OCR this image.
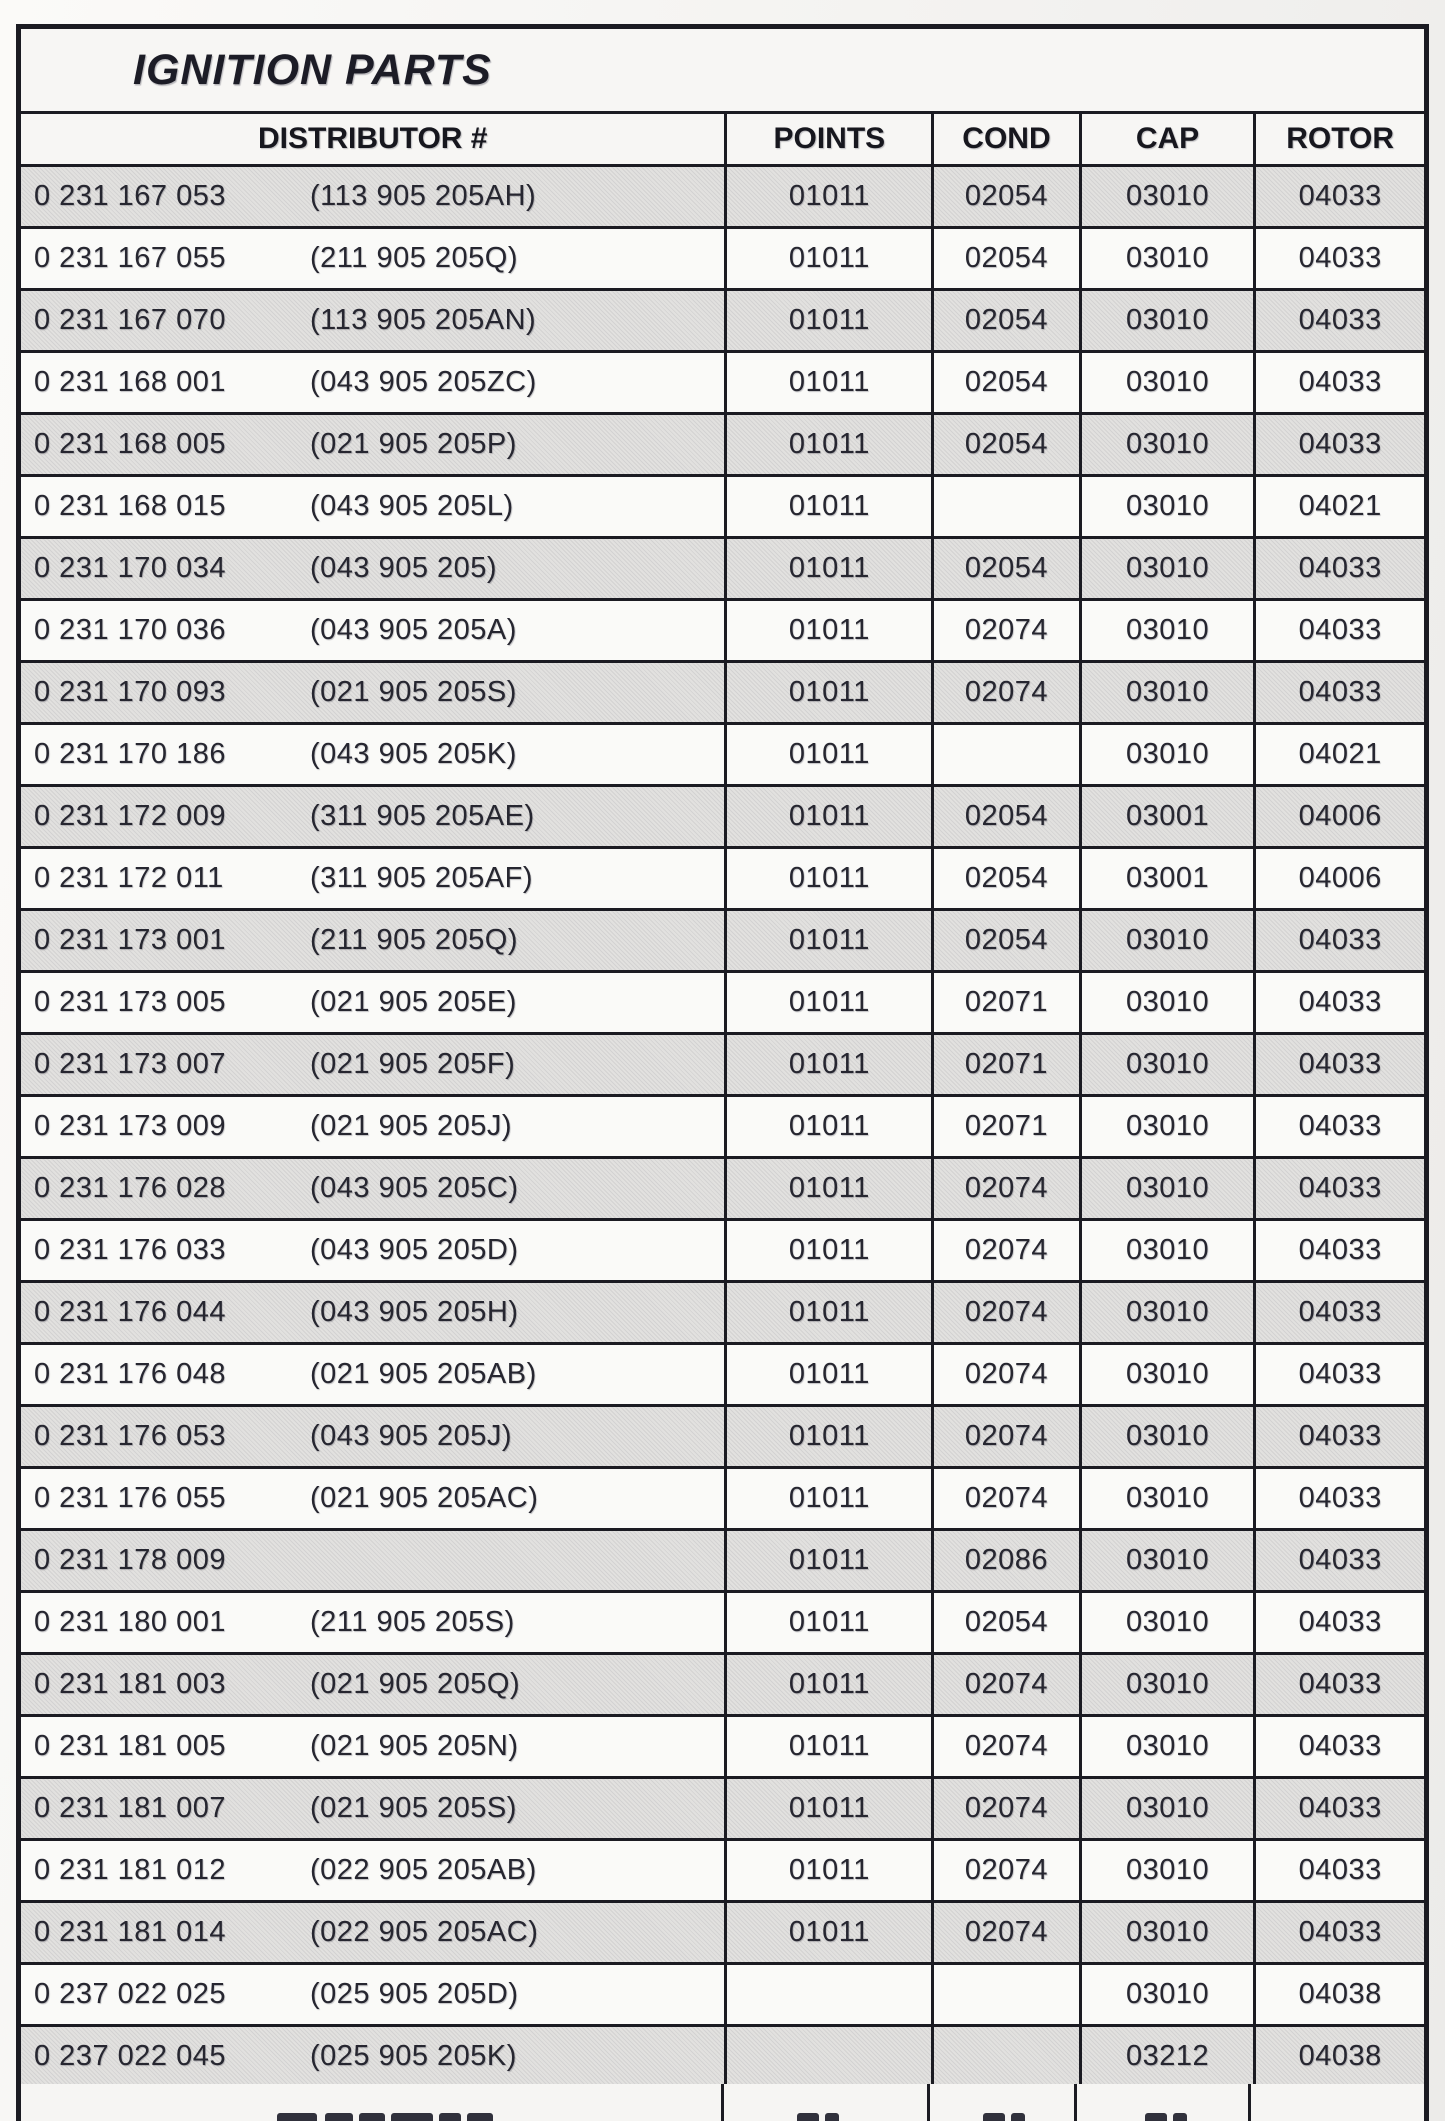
IGNITION PARTS				
DISTRIBUTOR #	POINTS	COND	CAP	ROTOR
0 231 167 053 (113 905 205AH)	01011	02054	03010	04033
0 231 167 055 (211 905 205Q)	01011	02054	03010	04033
0 231 167 070 (113 905 205AN)	01011	02054	03010	04033
0 231 168 001 (043 905 205ZC)	01011	02054	03010	04033
0 231 168 005 (021 905 205P)	01011	02054	03010	04033
0 231 168 015 (043 905 205L)	01011		03010	04021
0 231 170 034 (043 905 205)	01011	02054	03010	04033
0 231 170 036 (043 905 205A)	01011	02074	03010	04033
0 231 170 093 (021 905 205S)	01011	02074	03010	04033
0 231 170 186 (043 905 205K)	01011		03010	04021
0 231 172 009 (311 905 205AE)	01011	02054	03001	04006
0 231 172 011 (311 905 205AF)	01011	02054	03001	04006
0 231 173 001 (211 905 205Q)	01011	02054	03010	04033
0 231 173 005 (021 905 205E)	01011	02071	03010	04033
0 231 173 007 (021 905 205F)	01011	02071	03010	04033
0 231 173 009 (021 905 205J)	01011	02071	03010	04033
0 231 176 028 (043 905 205C)	01011	02074	03010	04033
0 231 176 033 (043 905 205D)	01011	02074	03010	04033
0 231 176 044 (043 905 205H)	01011	02074	03010	04033
0 231 176 048 (021 905 205AB)	01011	02074	03010	04033
0 231 176 053 (043 905 205J)	01011	02074	03010	04033
0 231 176 055 (021 905 205AC)	01011	02074	03010	04033
0 231 178 009	01011	02086	03010	04033
0 231 180 001 (211 905 205S)	01011	02054	03010	04033
0 231 181 003 (021 905 205Q)	01011	02074	03010	04033
0 231 181 005 (021 905 205N)	01011	02074	03010	04033
0 231 181 007 (021 905 205S)	01011	02074	03010	04033
0 231 181 012 (022 905 205AB)	01011	02074	03010	04033
0 231 181 014 (022 905 205AC)	01011	02074	03010	04033
0 237 022 025 (025 905 205D)			03010	04038
0 237 022 045 (025 905 205K)			03212	04038
